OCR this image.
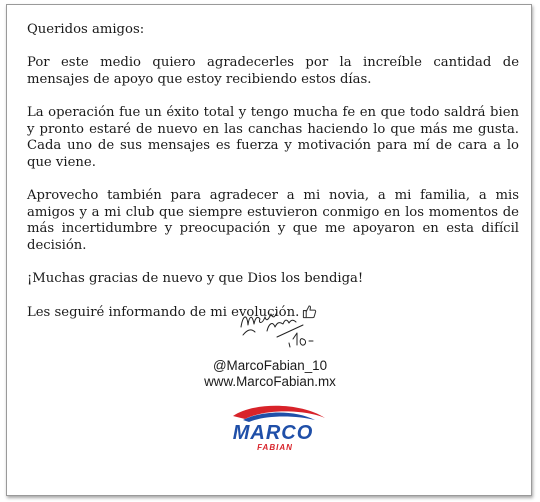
Queridos amigos:

Por este medio quiero agradecerles por la increíble cantidad de mensajes de apoyo que estoy recibiendo estos días.

La operación fue un éxito total y tengo mucha fe en que todo saldrá bien y pronto estaré de nuevo en las canchas haciendo lo que más me gusta. Cada uno de sus mensajes es fuerza y motivación para mí de cara a lo que viene.

Aprovecho también para agradecer a mi novia, a mi familia, a mis amigos y a mi club que siempre estuvieron conmigo en los momentos de más incertidumbre y preocupación y que me apoyaron en esta difícil decisión.

¡Muchas gracias de nuevo y que Dios los bendiga!

Les seguiré informando de mi evolución.

@MarcoFabian_10
www.MarcoFabian.mx
MARCO
FABIAN
